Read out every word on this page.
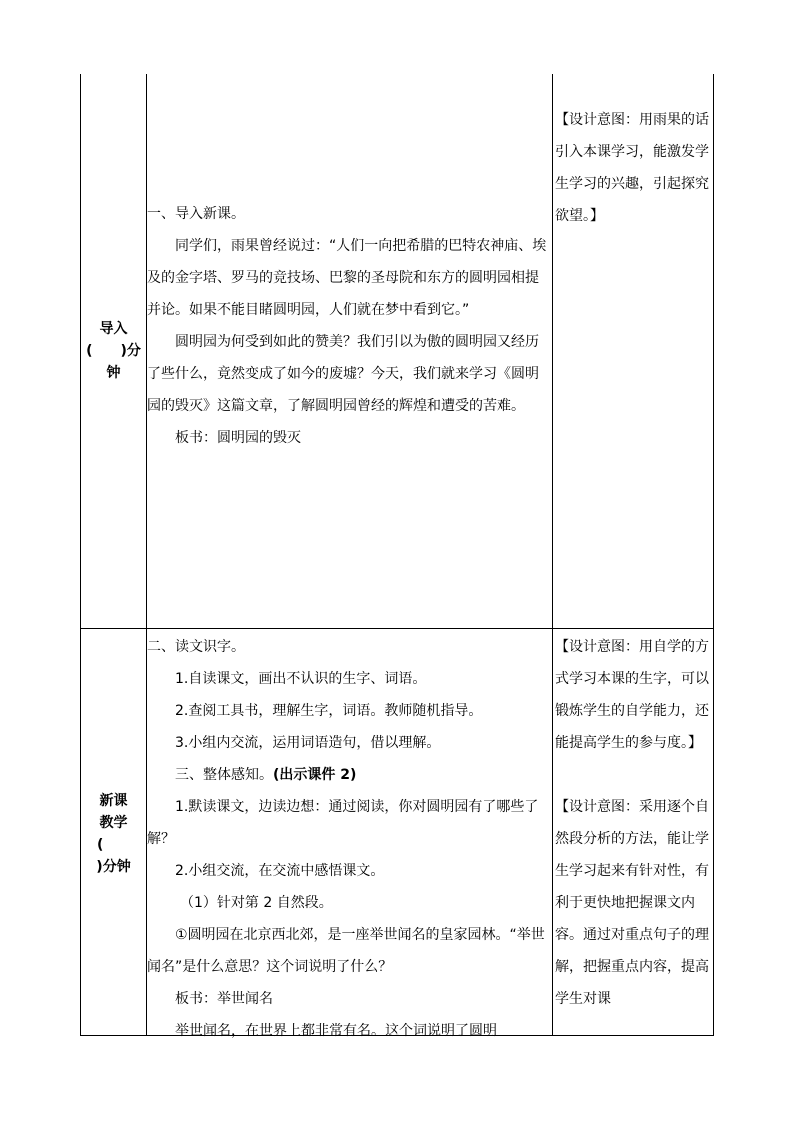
导入
(　　)分
钟

一、导入新课。

同学们，雨果曾经说过：“人们一向把希腊的巴特农神庙、埃及的金字塔、罗马的竞技场、巴黎的圣母院和东方的圆明园相提并论。如果不能目睹圆明园，人们就在梦中看到它。”

圆明园为何受到如此的赞美？我们引以为傲的圆明园又经历了些什么，竟然变成了如今的废墟？今天，我们就来学习《圆明园的毁灭》这篇文章，了解圆明园曾经的辉煌和遭受的苦难。

板书：圆明园的毁灭

【设计意图：用雨果的话引入本课学习，能激发学生学习的兴趣，引起探究欲望。】

新课
教学
(
)分钟

二、读文识字。

1.自读课文，画出不认识的生字、词语。

2.查阅工具书，理解生字，词语。教师随机指导。

3.小组内交流，运用词语造句，借以理解。

三、整体感知。(出示课件 2)

1.默读课文，边读边想：通过阅读，你对圆明园有了哪些了解？

2.小组交流，在交流中感悟课文。

（1）针对第 2 自然段。

①圆明园在北京西北郊，是一座举世闻名的皇家园林。“举世闻名”是什么意思？这个词说明了什么？

板书：举世闻名

举世闻名，在世界上都非常有名。这个词说明了圆明

【设计意图：用自学的方式学习本课的生字，可以锻炼学生的自学能力，还能提高学生的参与度。】

【设计意图：采用逐个自然段分析的方法，能让学生学习起来有针对性，有利于更快地把握课文内容。通过对重点句子的理解，把握重点内容，提高学生对课
